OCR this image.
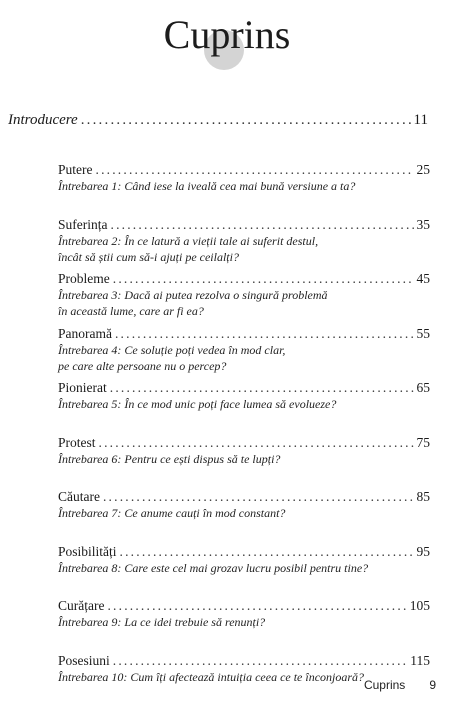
Cuprins
Introducere .....	11
Putere .....	25
Întrebarea 1: Când iese la iveală cea mai bună versiune a ta?
Suferința .....	35
Întrebarea 2: În ce latură a vieții tale ai suferit destul,
încât să știi cum să-i ajuți pe ceilalți?
Probleme .....	45
Întrebarea 3: Dacă ai putea rezolva o singură problemă
în această lume, care ar fi ea?
Panoramă .....	55
Întrebarea 4: Ce soluție poți vedea în mod clar,
pe care alte persoane nu o percep?
Pionierat .....	65
Întrebarea 5: În ce mod unic poți face lumea să evolueze?
Protest .....	75
Întrebarea 6: Pentru ce ești dispus să te lupți?
Căutare .....	85
Întrebarea 7: Ce anume cauți în mod constant?
Posibilități .....	95
Întrebarea 8: Care este cel mai grozav lucru posibil pentru tine?
Curățare .....	105
Întrebarea 9: La ce idei trebuie să renunți?
Posesiuni .....	115
Întrebarea 10: Cum îți afectează intuiția ceea ce te înconjoară?
Cuprins 9
